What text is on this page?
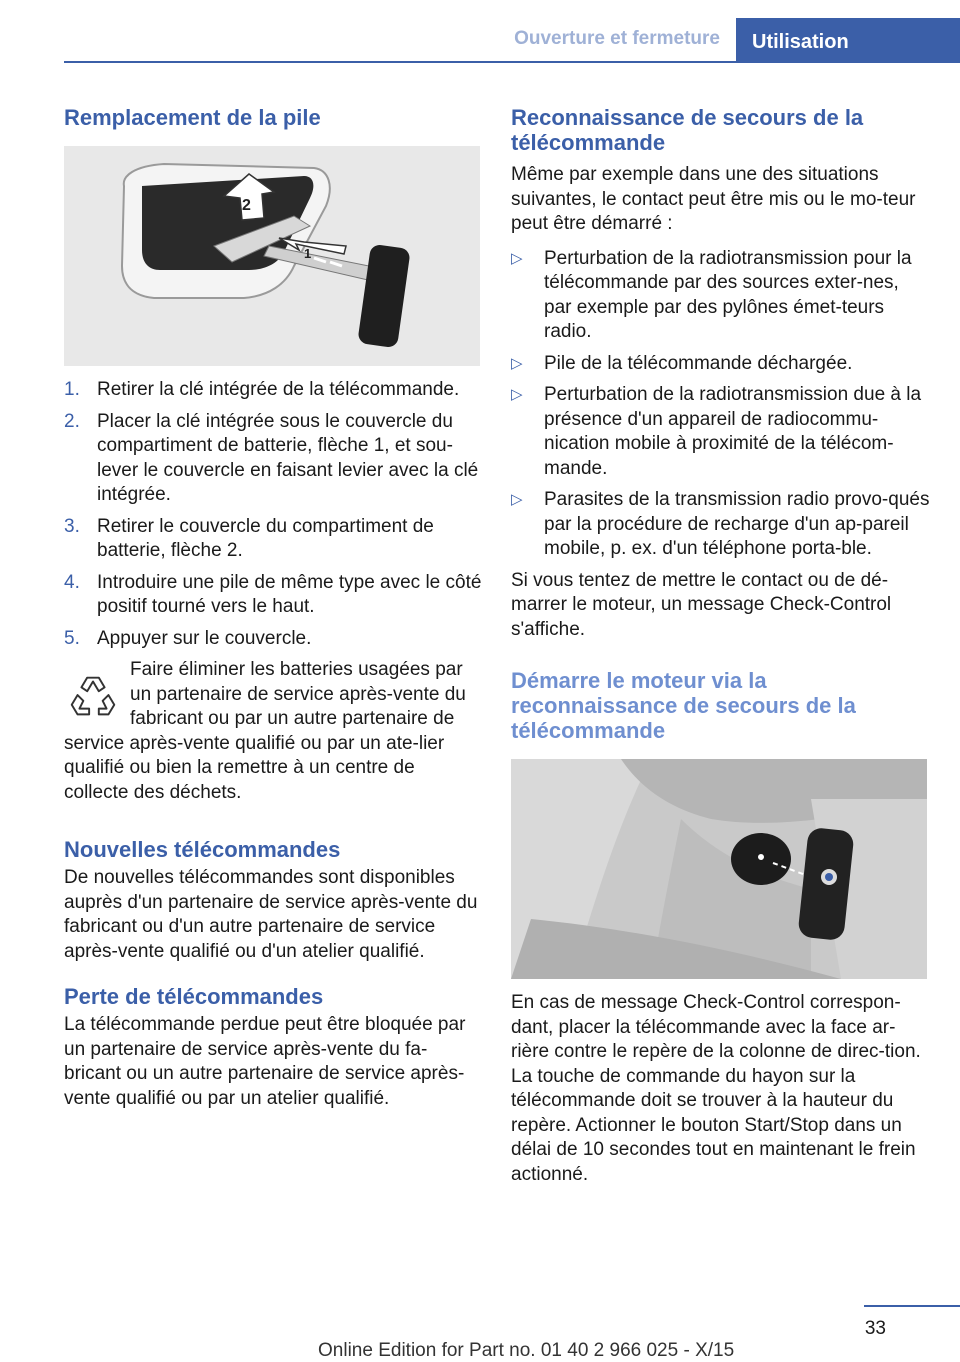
Ouverture et fermeture	Utilisation
Remplacement de la pile
2
1
1. Retirer la clé intégrée de la télécommande.
2. Placer la clé intégrée sous le couvercle du compartiment de batterie, flèche 1, et sou-lever le couvercle en faisant levier avec la clé intégrée.
3. Retirer le couvercle du compartiment de batterie, flèche 2.
4. Introduire une pile de même type avec le côté positif tourné vers le haut.
5. Appuyer sur le couvercle.

Faire éliminer les batteries usagées par un partenaire de service après-vente du fabricant ou par un autre partenaire de service après-vente qualifié ou par un ate-lier qualifié ou bien la remettre à un centre de collecte des déchets.

Nouvelles télécommandes

De nouvelles télécommandes sont disponibles auprès d'un partenaire de service après-vente du fabricant ou d'un autre partenaire de service après-vente qualifié ou d'un atelier qualifié.

Perte de télécommandes

La télécommande perdue peut être bloquée par un partenaire de service après-vente du fa-bricant ou un autre partenaire de service après-vente qualifié ou par un atelier qualifié.

Reconnaissance de secours de la télécommande

Même par exemple dans une des situations suivantes, le contact peut être mis ou le mo-teur peut être démarré :

▷ Perturbation de la radiotransmission pour la télécommande par des sources exter-nes, par exemple par des pylônes émet-teurs radio.
▷ Pile de la télécommande déchargée.
▷ Perturbation de la radiotransmission due à la présence d'un appareil de radiocommu-nication mobile à proximité de la télécom-mande.
▷ Parasites de la transmission radio provo-qués par la procédure de recharge d'un ap-pareil mobile, p. ex. d'un téléphone porta-ble.

Si vous tentez de mettre le contact ou de dé-marrer le moteur, un message Check-Control s'affiche.

Démarre le moteur via la reconnaissance de secours de la télécommande

En cas de message Check-Control correspon-dant, placer la télécommande avec la face ar-rière contre le repère de la colonne de direc-tion. La touche de commande du hayon sur la télécommande doit se trouver à la hauteur du repère. Actionner le bouton Start/Stop dans un délai de 10 secondes tout en maintenant le frein actionné.

33
Online Edition for Part no. 01 40 2 966 025 - X/15
